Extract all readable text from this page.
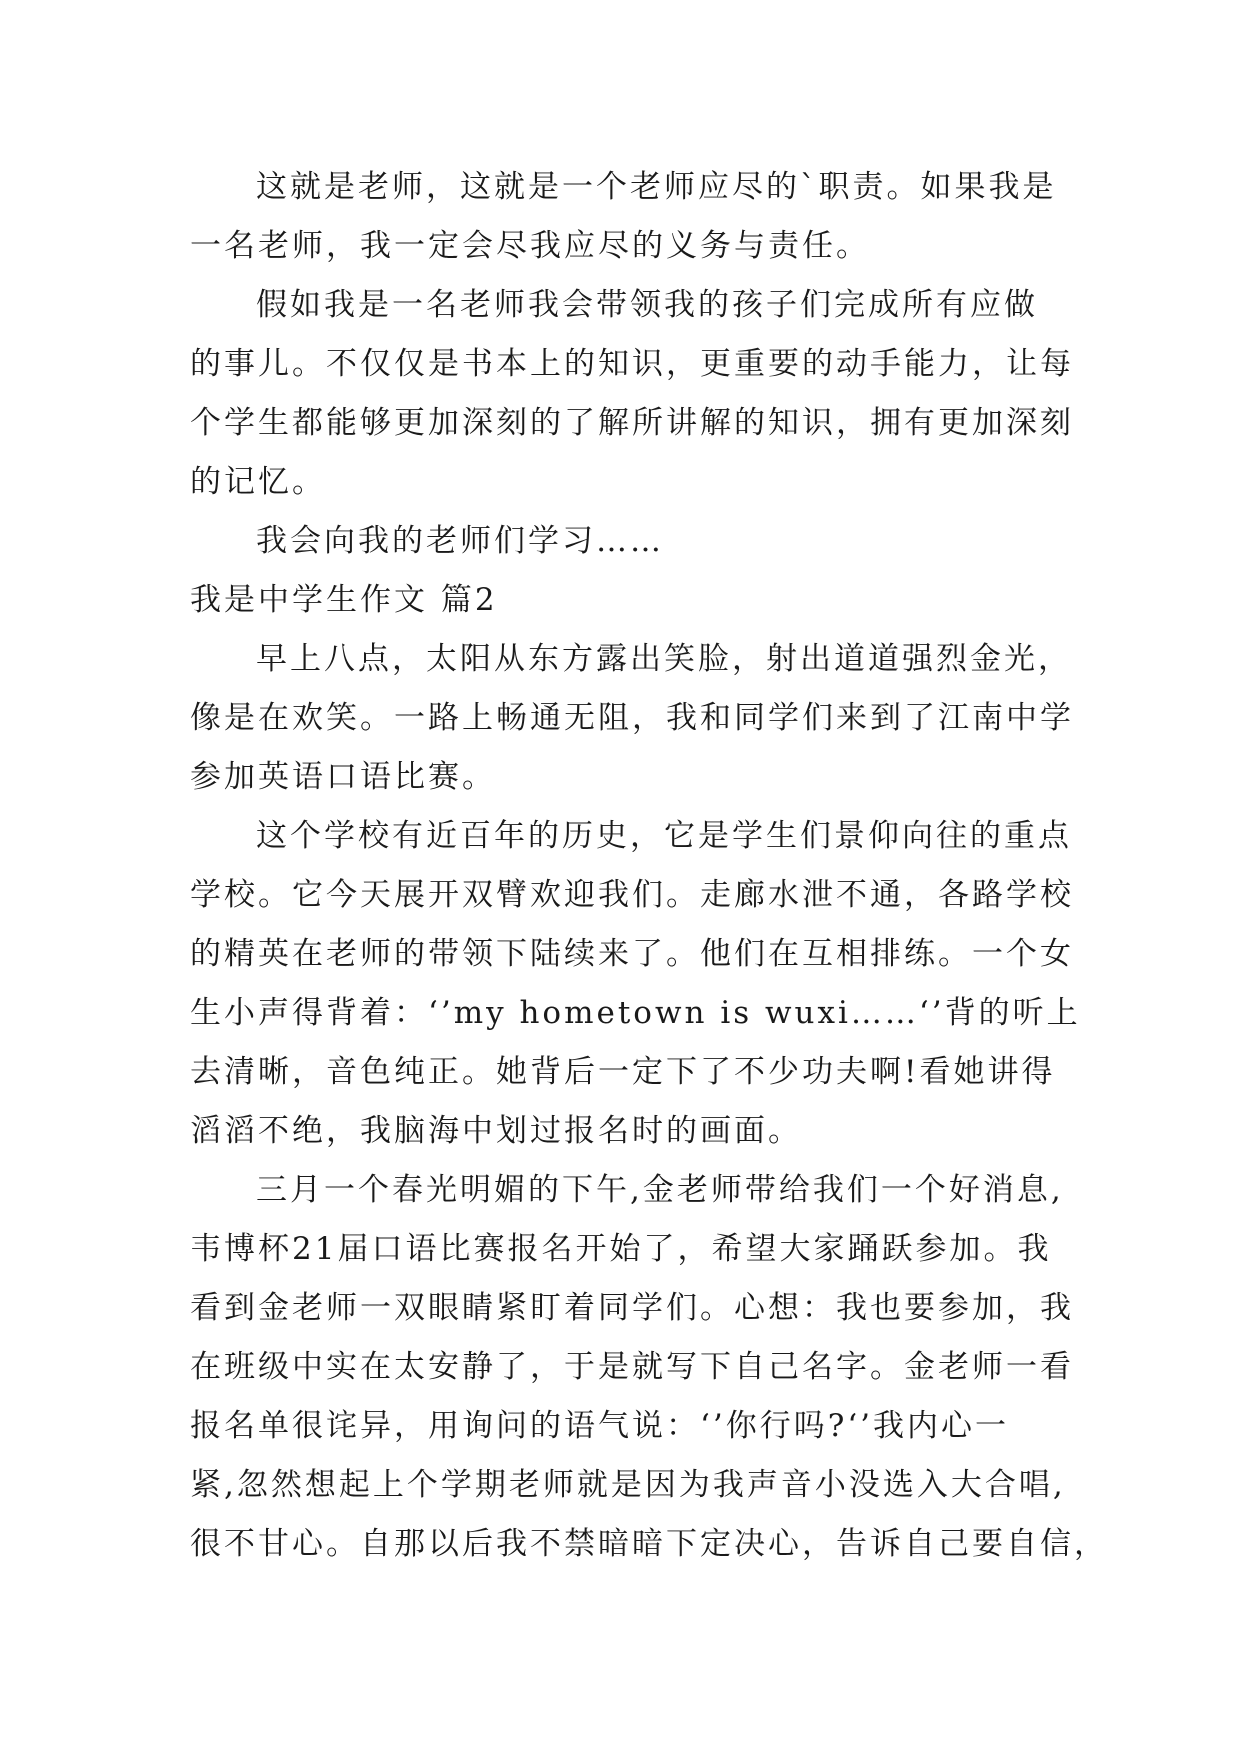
这就是老师，这就是一个老师应尽的`职责。如果我是
一名老师，我一定会尽我应尽的义务与责任。
假如我是一名老师我会带领我的孩子们完成所有应做
的事儿。不仅仅是书本上的知识，更重要的动手能力，让每
个学生都能够更加深刻的了解所讲解的知识，拥有更加深刻
的记忆。
我会向我的老师们学习……
我是中学生作文 篇2
早上八点，太阳从东方露出笑脸，射出道道强烈金光，
像是在欢笑。一路上畅通无阻，我和同学们来到了江南中学
参加英语口语比赛。
这个学校有近百年的历史，它是学生们景仰向往的重点
学校。它今天展开双臂欢迎我们。走廊水泄不通，各路学校
的精英在老师的带领下陆续来了。他们在互相排练。一个女
生小声得背着：‘’my hometown is wuxi……‘’背的听上
去清晰，音色纯正。她背后一定下了不少功夫啊!看她讲得
滔滔不绝，我脑海中划过报名时的画面。
三月一个春光明媚的下午,金老师带给我们一个好消息,
韦博杯21届口语比赛报名开始了，希望大家踊跃参加。我
看到金老师一双眼睛紧盯着同学们。心想：我也要参加，我
在班级中实在太安静了，于是就写下自己名字。金老师一看
报名单很诧异，用询问的语气说：‘’你行吗?‘’我内心一
紧,忽然想起上个学期老师就是因为我声音小没选入大合唱,
很不甘心。自那以后我不禁暗暗下定决心，告诉自己要自信，
